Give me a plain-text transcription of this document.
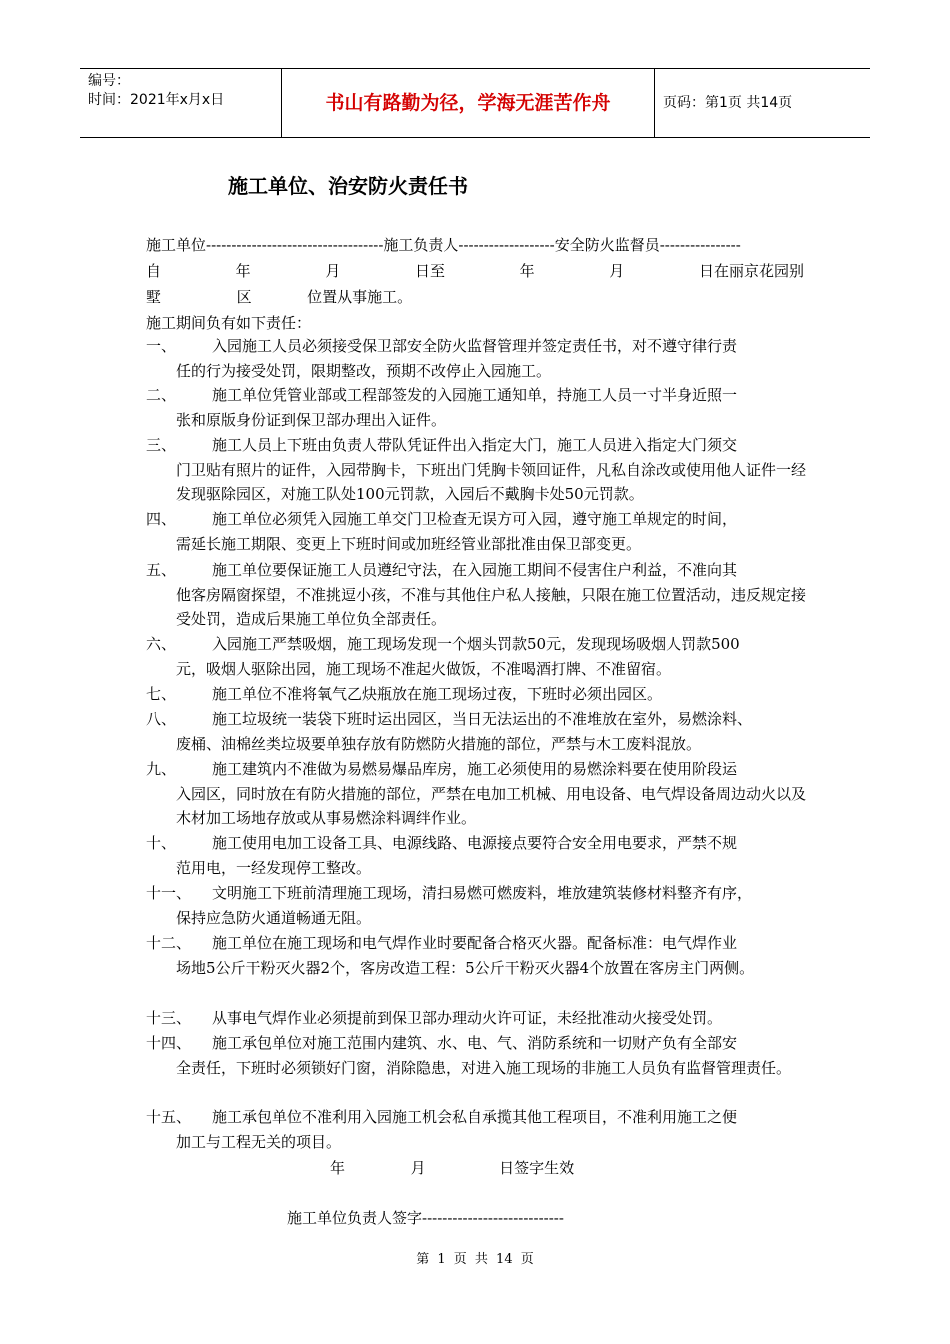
编号：
时间：2021年x月x日	书山有路勤为径，学海无涯苦作舟	页码：第1页 共14页
施工单位、治安防火责任书
施工单位-----------------------------------施工负责人-------------------安全防火监督员----------------
自	年	月	日至	年	月	日在丽京花园别
墅	区	位置从事施工。
施工期间负有如下责任：
一、	入园施工人员必须接受保卫部安全防火监督管理并签定责任书，对不遵守律行责
任的行为接受处罚，限期整改，预期不改停止入园施工。
二、	施工单位凭管业部或工程部签发的入园施工通知单，持施工人员一寸半身近照一
张和原版身份证到保卫部办理出入证件。
三、	施工人员上下班由负责人带队凭证件出入指定大门，施工人员进入指定大门须交
门卫贴有照片的证件，入园带胸卡，下班出门凭胸卡领回证件，凡私自涂改或使用他人证件一经发现驱除园区，对施工队处100元罚款，入园后不戴胸卡处50元罚款。
四、	施工单位必须凭入园施工单交门卫检查无误方可入园，遵守施工单规定的时间，
需延长施工期限、变更上下班时间或加班经管业部批准由保卫部变更。
五、	施工单位要保证施工人员遵纪守法，在入园施工期间不侵害住户利益，不准向其
他客房隔窗探望，不准挑逗小孩，不准与其他住户私人接触，只限在施工位置活动，违反规定接受处罚，造成后果施工单位负全部责任。
六、	入园施工严禁吸烟，施工现场发现一个烟头罚款50元，发现现场吸烟人罚款500
元，吸烟人驱除出园，施工现场不准起火做饭，不准喝酒打牌、不准留宿。
七、	施工单位不准将氧气乙炔瓶放在施工现场过夜，下班时必须出园区。
八、	施工垃圾统一装袋下班时运出园区，当日无法运出的不准堆放在室外，易燃涂料、
废桶、油棉丝类垃圾要单独存放有防燃防火措施的部位，严禁与木工废料混放。
九、	施工建筑内不准做为易燃易爆品库房，施工必须使用的易燃涂料要在使用阶段运
入园区，同时放在有防火措施的部位，严禁在电加工机械、用电设备、电气焊设备周边动火以及木材加工场地存放或从事易燃涂料调绊作业。
十、	施工使用电加工设备工具、电源线路、电源接点要符合安全用电要求，严禁不规
范用电，一经发现停工整改。
十一、	文明施工下班前清理施工现场，清扫易燃可燃废料，堆放建筑装修材料整齐有序，
保持应急防火通道畅通无阻。
十二、	施工单位在施工现场和电气焊作业时要配备合格灭火器。配备标准：电气焊作业
场地5公斤干粉灭火器2个，客房改造工程：5公斤干粉灭火器4个放置在客房主门两侧。
十三、	从事电气焊作业必须提前到保卫部办理动火许可证，未经批准动火接受处罚。
十四、	施工承包单位对施工范围内建筑、水、电、气、消防系统和一切财产负有全部安
全责任，下班时必须锁好门窗，消除隐患，对进入施工现场的非施工人员负有监督管理责任。
十五、	施工承包单位不准利用入园施工机会私自承揽其他工程项目，不准利用施工之便
加工与工程无关的项目。
年	月	日签字生效
施工单位负责人签字----------------------------
第 1 页 共 14 页
